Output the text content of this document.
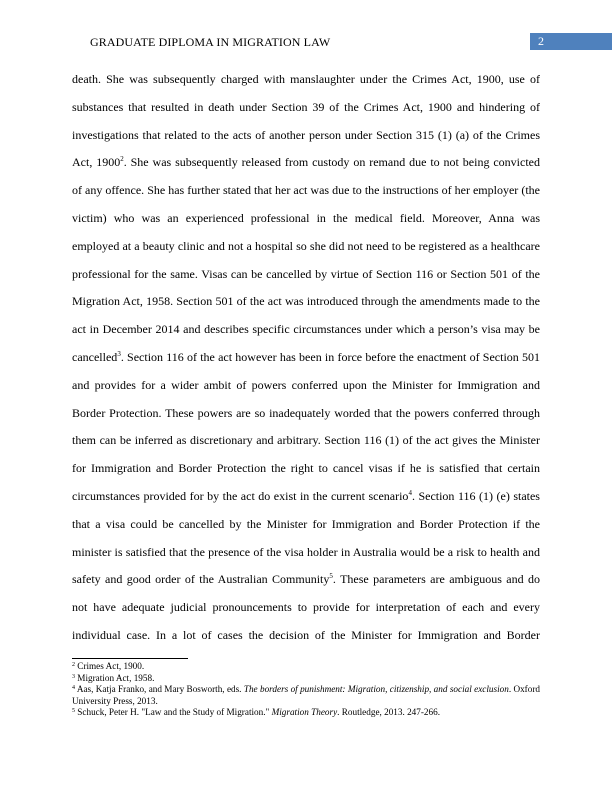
GRADUATE DIPLOMA IN MIGRATION LAW	2
death. She was subsequently charged with manslaughter under the Crimes Act, 1900, use of
substances that resulted in death under Section 39 of the Crimes Act, 1900 and hindering of
investigations that related to the acts of another person under Section 315 (1) (a) of the Crimes
Act, 1900$^2$. She was subsequently released from custody on remand due to not being convicted
of any offence. She has further stated that her act was due to the instructions of her employer (the
victim) who was an experienced professional in the medical field. Moreover, Anna was
employed at a beauty clinic and not a hospital so she did not need to be registered as a healthcare
professional for the same. Visas can be cancelled by virtue of Section 116 or Section 501 of the
Migration Act, 1958. Section 501 of the act was introduced through the amendments made to the
act in December 2014 and describes specific circumstances under which a person’s visa may be
cancelled$^3$. Section 116 of the act however has been in force before the enactment of Section 501
and provides for a wider ambit of powers conferred upon the Minister for Immigration and
Border Protection. These powers are so inadequately worded that the powers conferred through
them can be inferred as discretionary and arbitrary. Section 116 (1) of the act gives the Minister
for Immigration and Border Protection the right to cancel visas if he is satisfied that certain
circumstances provided for by the act do exist in the current scenario$^4$. Section 116 (1) (e) states
that a visa could be cancelled by the Minister for Immigration and Border Protection if the
minister is satisfied that the presence of the visa holder in Australia would be a risk to health and
safety and good order of the Australian Community$^5$. These parameters are ambiguous and do
not have adequate judicial pronouncements to provide for interpretation of each and every
individual case. In a lot of cases the decision of the Minister for Immigration and Border
$^2$ Crimes Act, 1900.
$^3$ Migration Act, 1958.
$^4$ Aas, Katja Franko, and Mary Bosworth, eds. The borders of punishment: Migration, citizenship, and social exclusion. Oxford University Press, 2013.
$^5$ Schuck, Peter H. "Law and the Study of Migration." Migration Theory. Routledge, 2013. 247-266.
